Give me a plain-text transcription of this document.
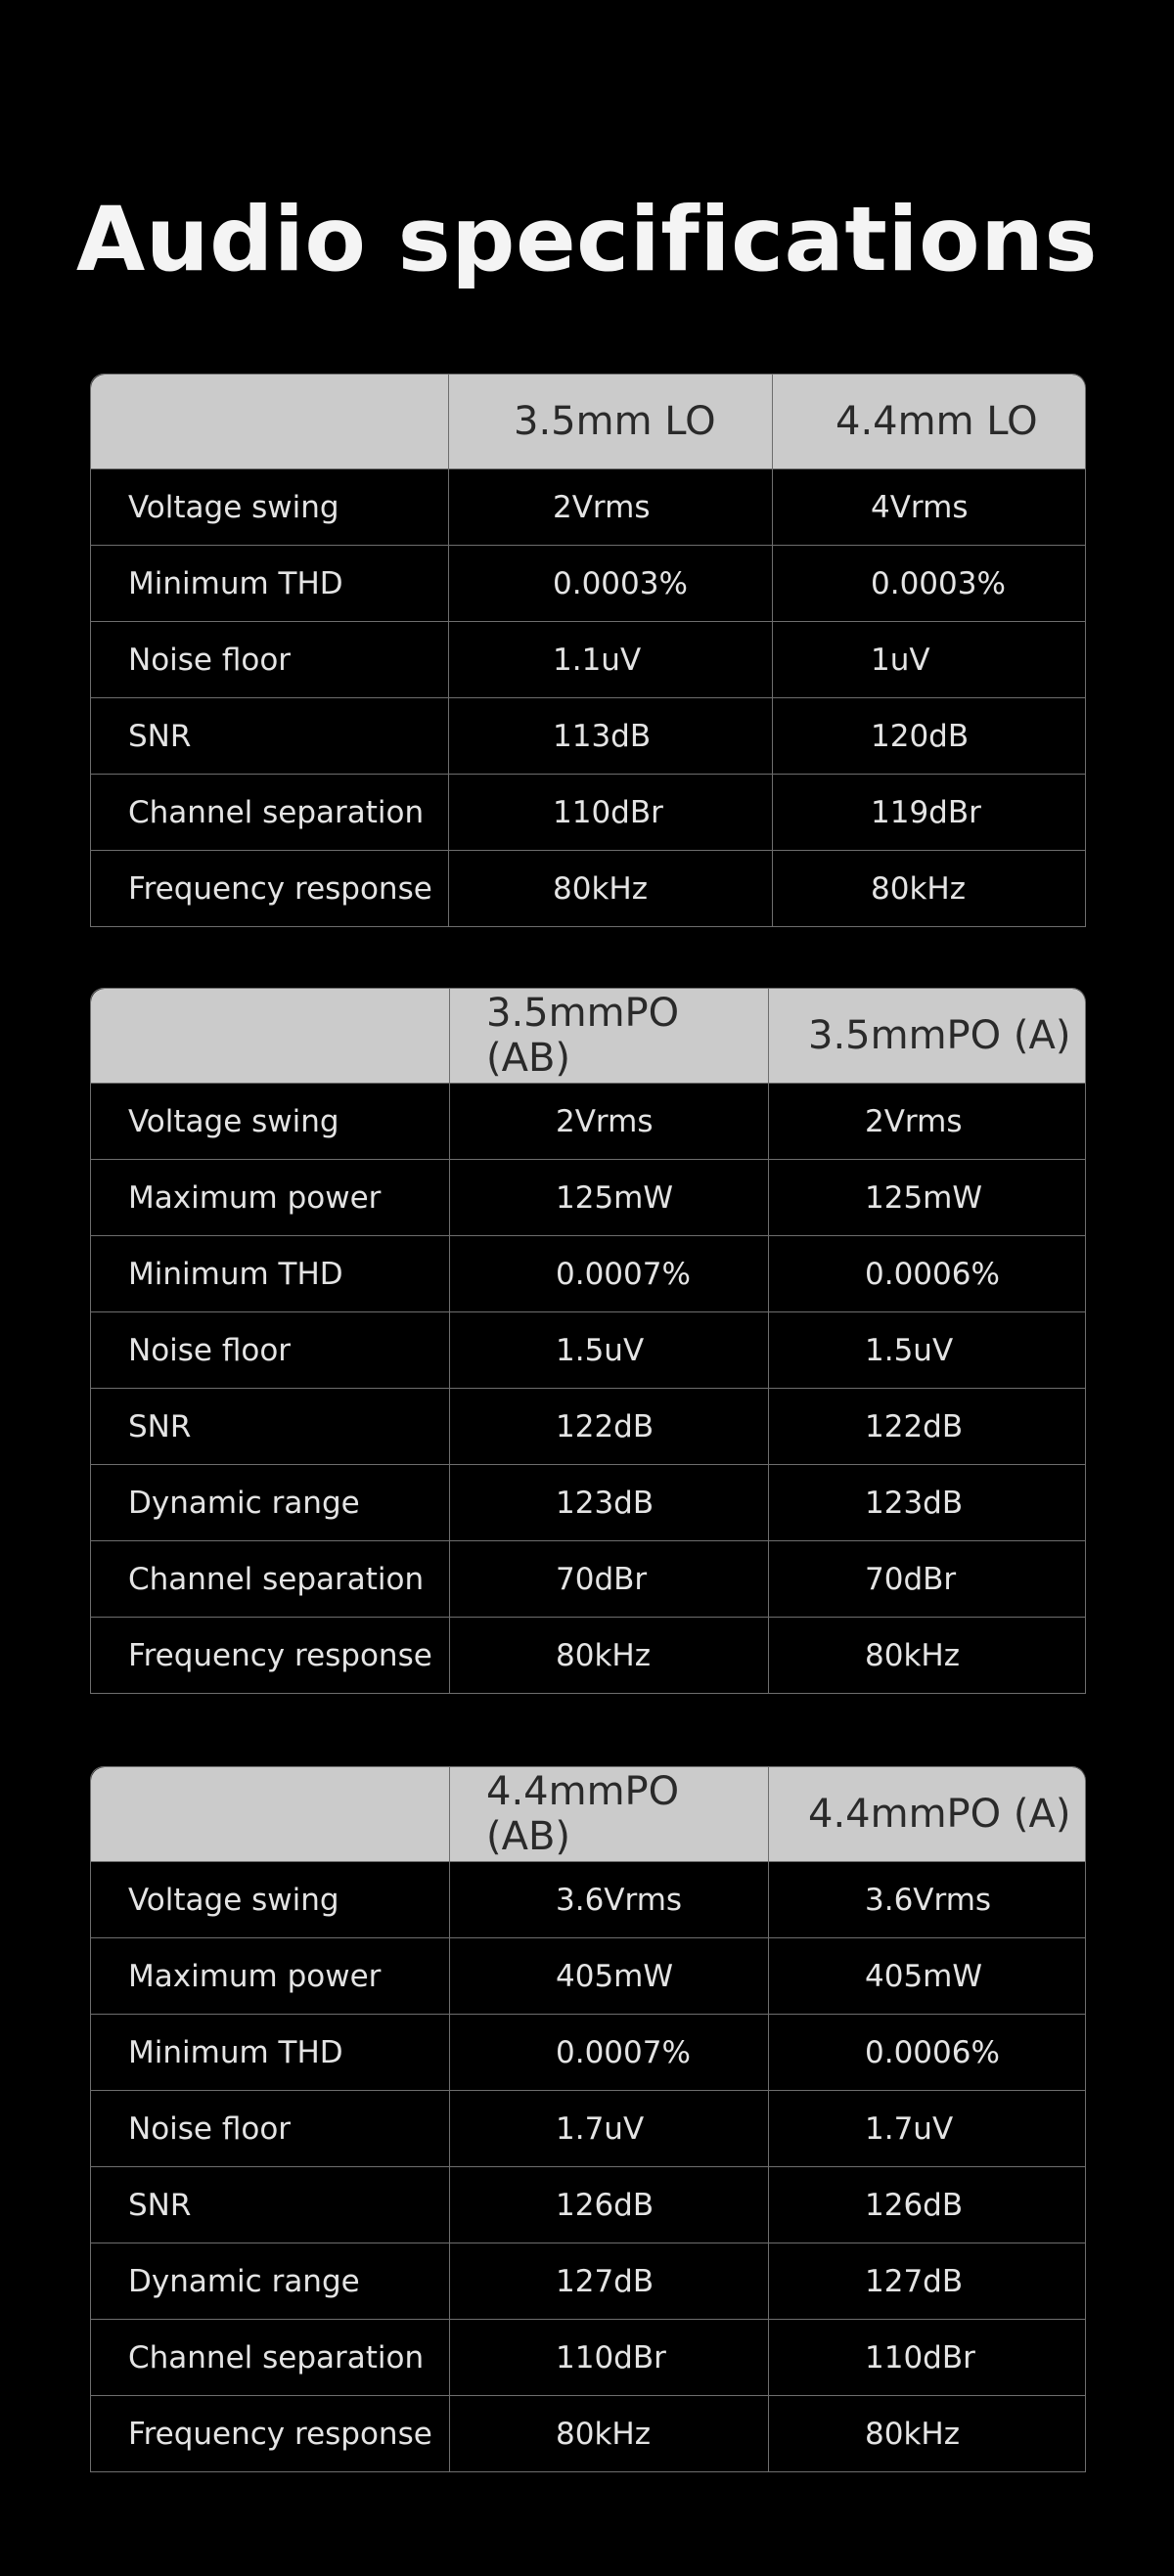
Audio specifications
	3.5mm LO	4.4mm LO
Voltage swing	2Vrms	4Vrms
Minimum THD	0.0003%	0.0003%
Noise floor	1.1uV	1uV
SNR	113dB	120dB
Channel separation	110dBr	119dBr
Frequency response	80kHz	80kHz
	3.5mmPO (AB)	3.5mmPO (A)
Voltage swing	2Vrms	2Vrms
Maximum power	125mW	125mW
Minimum THD	0.0007%	0.0006%
Noise floor	1.5uV	1.5uV
SNR	122dB	122dB
Dynamic range	123dB	123dB
Channel separation	70dBr	70dBr
Frequency response	80kHz	80kHz
	4.4mmPO (AB)	4.4mmPO (A)
Voltage swing	3.6Vrms	3.6Vrms
Maximum power	405mW	405mW
Minimum THD	0.0007%	0.0006%
Noise floor	1.7uV	1.7uV
SNR	126dB	126dB
Dynamic range	127dB	127dB
Channel separation	110dBr	110dBr
Frequency response	80kHz	80kHz
